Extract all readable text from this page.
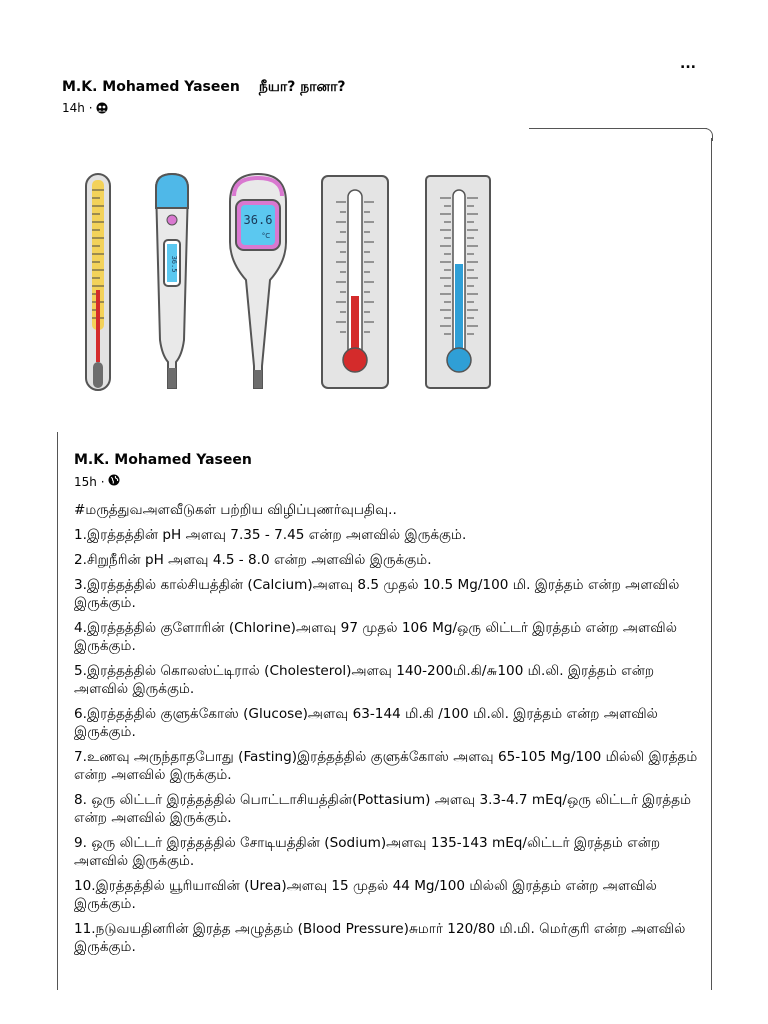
...
M.K. Mohamed Yaseen நீயா? நானா?
14h ·
36.5
36.6
°C
M.K. Mohamed Yaseen
15h ·

#மருத்துவஅளவீடுகள் பற்றிய விழிப்புணர்வுபதிவு..

1.இரத்தத்தின் pH அளவு 7.35 - 7.45 என்ற அளவில் இருக்கும்.

2.சிறுநீரின் pH அளவு 4.5 - 8.0 என்ற அளவில் இருக்கும்.

3.இரத்தத்தில் கால்சியத்தின் (Calcium)அளவு 8.5 முதல் 10.5 Mg/100 மி. இரத்தம் என்ற அளவில் இருக்கும்.

4.இரத்தத்தில் குளோரின் (Chlorine)அளவு 97 முதல் 106 Mg/ஒரு லிட்டர் இரத்தம் என்ற அளவில் இருக்கும்.

5.இரத்தத்தில் கொலஸ்ட்டிரால் (Cholesterol)அளவு 140-200மி.கி/௬100 மி.லி. இரத்தம் என்ற அளவில் இருக்கும்.

6.இரத்தத்தில் குளுக்கோஸ் (Glucose)அளவு 63-144 மி.கி /100 மி.லி. இரத்தம் என்ற அளவில் இருக்கும்.

7.உணவு அருந்தாதபோது (Fasting)இரத்தத்தில் குளுக்கோஸ் அளவு 65-105 Mg/100 மில்லி இரத்தம் என்ற அளவில் இருக்கும்.

8. ஒரு லிட்டர் இரத்தத்தில் பொட்டாசியத்தின்(Pottasium) அளவு 3.3-4.7 mEq/ஒரு லிட்டர் இரத்தம் என்ற அளவில் இருக்கும்.

9. ஒரு லிட்டர் இரத்தத்தில் சோடியத்தின் (Sodium)அளவு 135-143 mEq/லிட்டர் இரத்தம் என்ற அளவில் இருக்கும்.

10.இரத்தத்தில் யூரியாவின் (Urea)அளவு 15 முதல் 44 Mg/100 மில்லி இரத்தம் என்ற அளவில் இருக்கும்.

11.நடுவயதினரின் இரத்த அழுத்தம் (Blood Pressure)சுமார் 120/80 மி.மி. மெர்குரி என்ற அளவில் இருக்கும்.
